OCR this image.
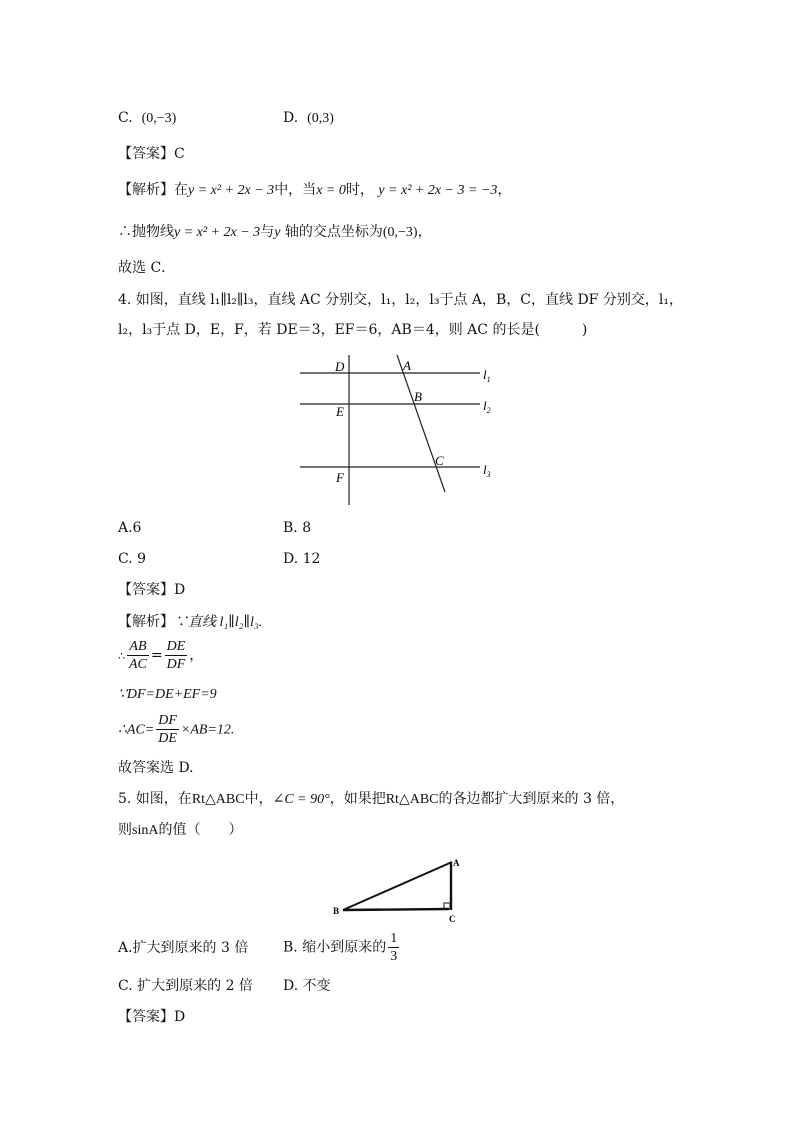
C. (0,−3)	D. (0,3)
【答案】C
【解析】在y = x² + 2x − 3中，当x = 0时， y = x² + 2x − 3 = −3，
∴抛物线y = x² + 2x − 3与y 轴的交点坐标为(0,−3)，
故选 C．
4. 如图，直线 l₁∥l₂∥l₃，直线 AC 分别交，l₁，l₂，l₃于点 A，B，C，直线 DF 分别交，l₁，
l₂，l₃于点 D，E，F，若 DE＝3，EF＝6，AB＝4，则 AC 的长是(　　　)
D	A
$l_1$
B
E	$l_2$
C
$l_3$
F
A.6	B. 8
C. 9	D. 12
【答案】D
【解析】∵直线 l₁∥l₂∥l₃.
∴ $\frac{AB}{AC} = \frac{DE}{DF}$ ，
∵DF=DE+EF=9
∴AC= $\frac{DF}{DE} \times AB=12$.
故答案选 D.
5. 如图，在Rt△ABC中，∠C = 90°，如果把Rt△ABC的各边都扩大到原来的 3 倍，
则sinA的值（　　）
A
B
C
A.扩大到原来的 3 倍 B. 缩小到原来的 $\frac{1}{3}$
C. 扩大到原来的 2 倍 D. 不变
【答案】D
